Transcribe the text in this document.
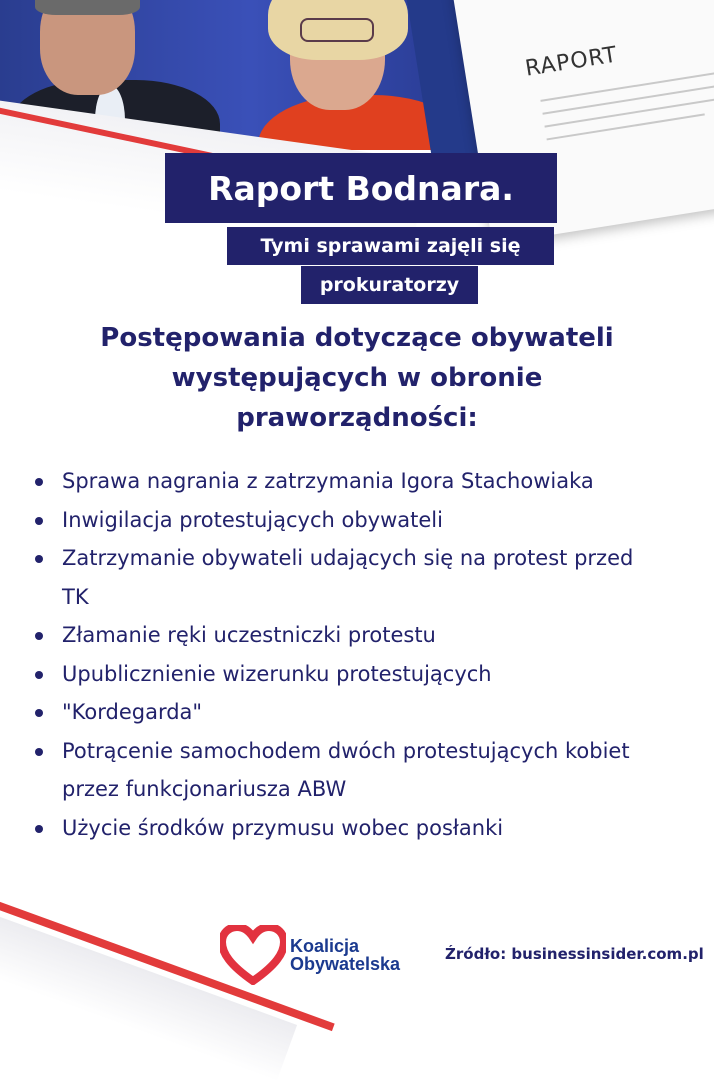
RAPORT
Raport Bodnara.
Tymi sprawami zajęli się
prokuratorzy
Postępowania dotyczące obywateli
występujących w obronie
praworządności:
Sprawa nagrania z zatrzymania Igora Stachowiaka
Inwigilacja protestujących obywateli
Zatrzymanie obywateli udających się na protest przed TK
Złamanie ręki uczestniczki protestu
Upublicznienie wizerunku protestujących
"Kordegarda"
Potrącenie samochodem dwóch protestujących kobiet przez funkcjonariusza ABW
Użycie środków przymusu wobec posłanki
Koalicja
Obywatelska	Źródło: businessinsider.com.pl
